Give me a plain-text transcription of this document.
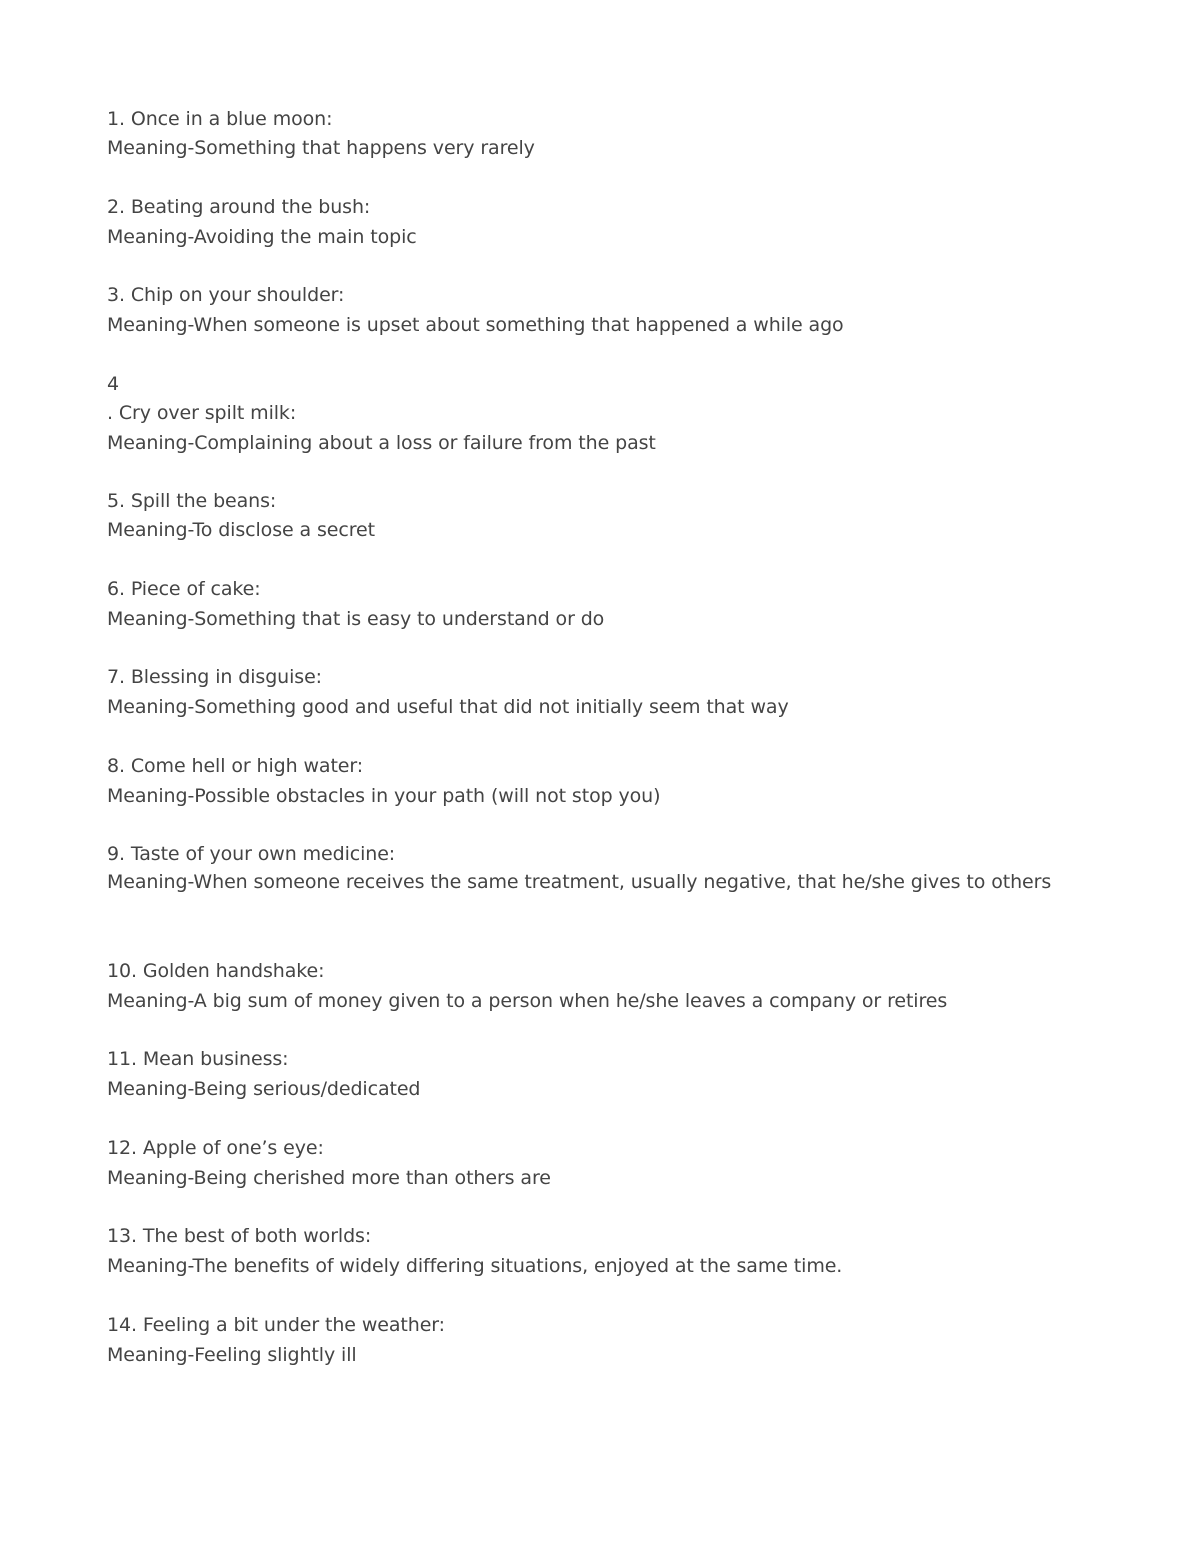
1. Once in a blue moon:
Meaning-Something that happens very rarely
2. Beating around the bush:
Meaning-Avoiding the main topic
3. Chip on your shoulder:
Meaning-When someone is upset about something that happened a while ago
4
. Cry over spilt milk:
Meaning-Complaining about a loss or failure from the past
5. Spill the beans:
Meaning-To disclose a secret
6. Piece of cake:
Meaning-Something that is easy to understand or do
7. Blessing in disguise:
Meaning-Something good and useful that did not initially seem that way
8. Come hell or high water:
Meaning-Possible obstacles in your path (will not stop you)
9. Taste of your own medicine:
Meaning-When someone receives the same treatment, usually negative, that he/she gives to others
10. Golden handshake:
Meaning-A big sum of money given to a person when he/she leaves a company or retires
11. Mean business:
Meaning-Being serious/dedicated
12. Apple of one’s eye:
Meaning-Being cherished more than others are
13. The best of both worlds:
Meaning-The benefits of widely differing situations, enjoyed at the same time.
14. Feeling a bit under the weather:
Meaning-Feeling slightly ill
